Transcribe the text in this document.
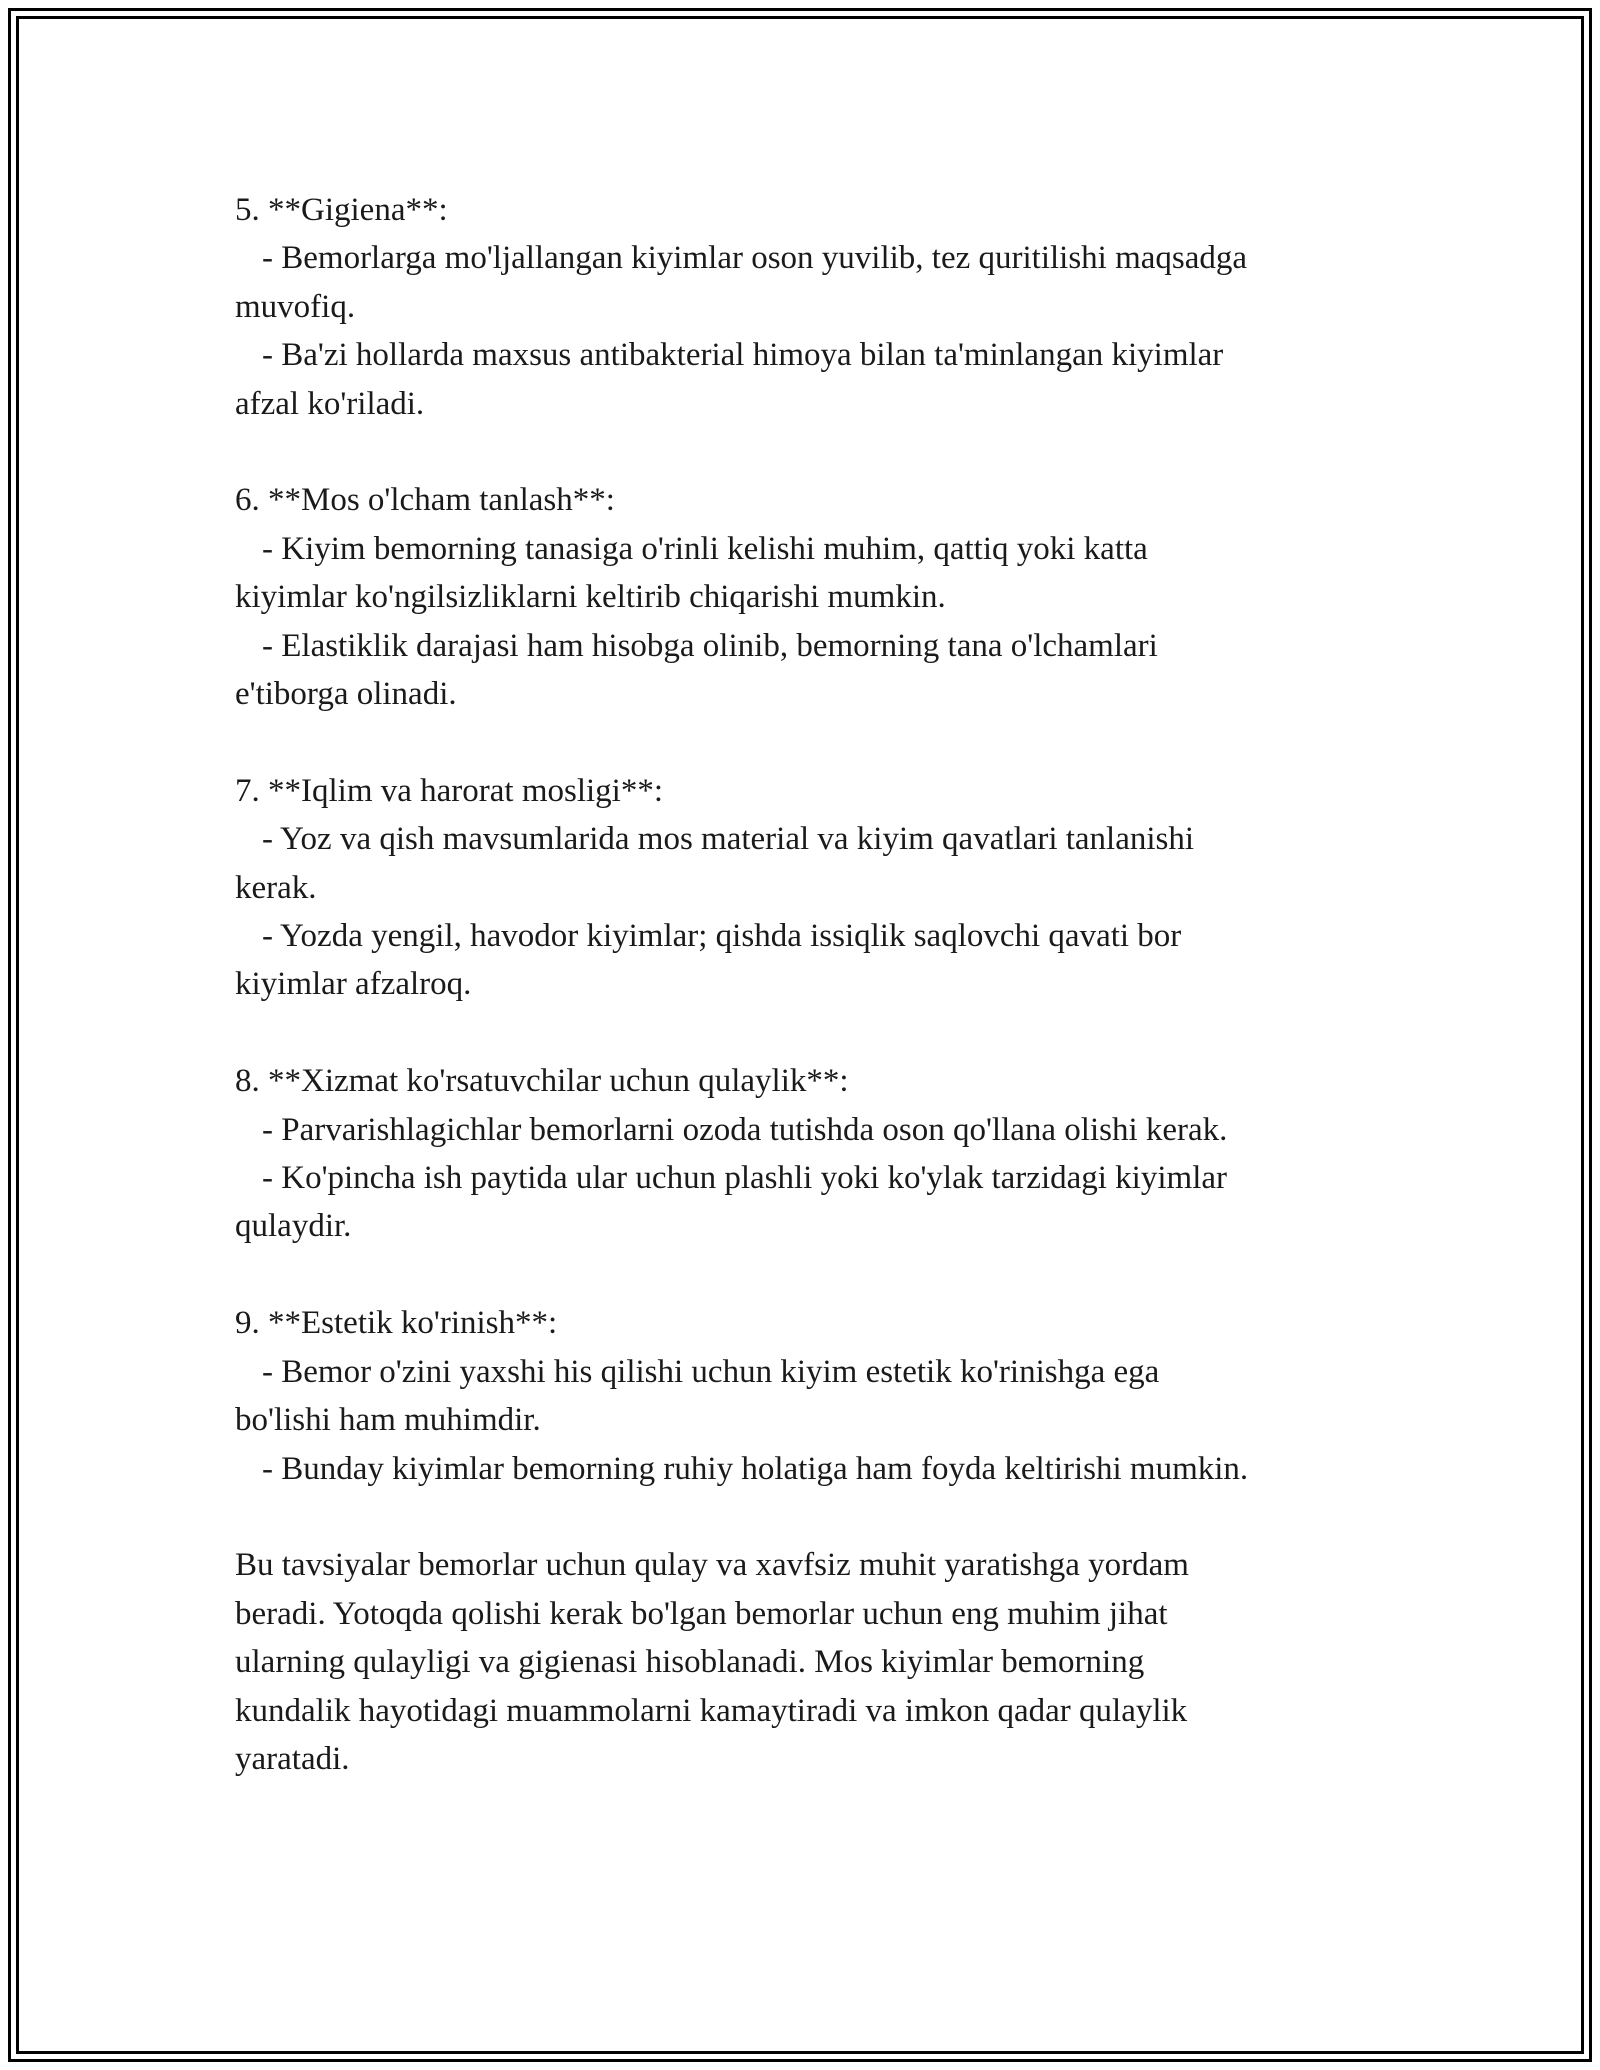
5. **Gigiena**:
- Bemorlarga mo'ljallangan kiyimlar oson yuvilib, tez quritilishi maqsadga
muvofiq.
- Ba'zi hollarda maxsus antibakterial himoya bilan ta'minlangan kiyimlar
afzal ko'riladi.
6. **Mos o'lcham tanlash**:
- Kiyim bemorning tanasiga o'rinli kelishi muhim, qattiq yoki katta
kiyimlar ko'ngilsizliklarni keltirib chiqarishi mumkin.
- Elastiklik darajasi ham hisobga olinib, bemorning tana o'lchamlari
e'tiborga olinadi.
7. **Iqlim va harorat mosligi**:
- Yoz va qish mavsumlarida mos material va kiyim qavatlari tanlanishi
kerak.
- Yozda yengil, havodor kiyimlar; qishda issiqlik saqlovchi qavati bor
kiyimlar afzalroq.
8. **Xizmat ko'rsatuvchilar uchun qulaylik**:
- Parvarishlagichlar bemorlarni ozoda tutishda oson qo'llana olishi kerak.
- Ko'pincha ish paytida ular uchun plashli yoki ko'ylak tarzidagi kiyimlar
qulaydir.
9. **Estetik ko'rinish**:
- Bemor o'zini yaxshi his qilishi uchun kiyim estetik ko'rinishga ega
bo'lishi ham muhimdir.
- Bunday kiyimlar bemorning ruhiy holatiga ham foyda keltirishi mumkin.

Bu tavsiyalar bemorlar uchun qulay va xavfsiz muhit yaratishga yordam
beradi. Yotoqda qolishi kerak bo'lgan bemorlar uchun eng muhim jihat
ularning qulayligi va gigienasi hisoblanadi. Mos kiyimlar bemorning
kundalik hayotidagi muammolarni kamaytiradi va imkon qadar qulaylik
yaratadi.
